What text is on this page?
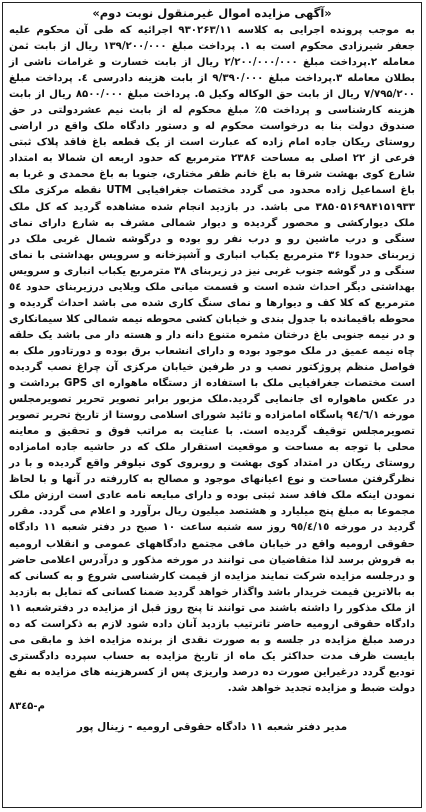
«آگهی مزایده اموال غیرمنقول نوبت دوم»

به موجب پرونده اجرایی به کلاسه ۹۳۰۲۶۳/۱۱ اجرائیه که طی آن محکوم علیه جعفر شیرزادی محکوم است به ۱. پرداخت مبلغ ۱۳۹/۲۰۰/۰۰۰ ریال از بابت ثمن معامله ۲.پرداخت مبلغ ۲/۲۰۰/۰۰۰/۰۰۰ ریال از بابت خسارت و غرامات ناشی از بطلان معامله ۳.پرداخت مبلغ ۹/۳۹۰/۰۰۰ از بابت هزینه دادرسی ٤. پرداخت مبلغ ۷/۷۹۵/۲۰۰ ریال از بابت حق الوکاله وکیل ۵. پرداخت مبلغ ۸۵۰۰/۰۰۰ ریال از بابت هزینه کارشناسی و پرداخت ۵٪ مبلغ محکوم له از بابت نیم عشردولتی در حق صندوق دولت بنا به درخواست محکوم له و دستور دادگاه ملک واقع در اراضی روستای ریکان جاده امام زاده که عبارت است از یک قطعه باغ فاقد پلاک ثبتی فرعی از ۲۲ اصلی به مساحت ۲۳۸۶ مترمربع که حدود اربعه ان شمالا به امتداد شارع کوی بهشت شرقا به باغ خانم ظفر مختاری، جنوبا به باغ محمدی و غربا به باغ اسماعیل زاده محدود می گردد مختصات جغرافیایی UTM نقطه مرکزی ملک ۳۸۵۰۵۱۶۹۸۴۱۵۱۹۳۳ می باشد. در بازدید انجام شده مشاهده گردید که کل ملک ملک دیوارکشی و محصور گردیده و دیوار شمالی مشرف به شارع دارای نمای سنگی و درب ماشین رو و درب نفر رو بوده و درگوشه شمال غربی ملک در زیربنای حدودا ۳۶ مترمربع یکباب انباری و آشپزخانه و سرویس بهداشتی با نمای سنگی و در گوشه جنوب غربی نیز در زیربنای ۳۸ مترمربع یکباب انباری و سرویس بهداشتی دیگر احداث شده است و قسمت میانی ملک ویلایی درزیربنای حدود ٥٤ مترمربع که کلا کف و دیوارها و نمای سنگ کاری شده می باشد احداث گردیده و محوطه باقیمانده با جدول بندی و خیابان کشی محوطه نیمه شمالی کلا سیمانکاری و در نیمه جنوبی باغ درختان مثمره متنوع دانه دار و هسته دار می باشد یک حلقه چاه نیمه عمیق در ملک موجود بوده و دارای انشعاب برق بوده و دورتادور ملک به فواصل منظم پروژکتور نصب و در طرفین خیابان مرکزی آن چراغ نصب گردیده است مختصات جغرافیایی ملک با استفاده از دستگاه ماهواره ای GPS برداشت و در عکس ماهواره ای جانمایی گردید.ملک مزبور برابر تصویر تحریر تصویرمجلس مورخه ۹٤/٦/۱ پاسگاه امامزاده و تائید شورای اسلامی روستا از تاریخ تحریر تصویر تصویرمجلس توقیف گردیده است. با عنایت به مراتب فوق و تحقیق و معاینه محلی با توجه به مساحت و موقعیت استقرار ملک که در حاشیه جاده امامزاده روستای ریکان در امتداد کوی بهشت و روبروی کوی نیلوفر واقع گردیده و با در نظرگرفتن مساحت و نوع اعیانهای موجود و مصالح به کاررفته در آنها و با لحاظ نمودن اینکه ملک فاقد سند ثبتی بوده و دارای مبایعه نامه عادی است ارزش ملک مجموعا به مبلغ پنج میلیارد و هشتصد میلیون ریال برآورد و اعلام می گردد. مقرر گردید در مورخه ۹٥/٤/۱٥ روز سه شنبه ساعت ۱۰ صبح در دفتر شعبه ۱۱ دادگاه حقوقی ارومیه واقع در خیابان مافی مجتمع دادگاههای عمومی و انقلاب ارومیه به فروش برسد لذا متقاضیان می توانند در مورخه مذکور و درآدرس اعلامی حاضر و درجلسه مزایده شرکت نمایند مزایده از قیمت کارشناسی شروع و به کسانی که به بالاترین قیمت خریدار باشد واگذار خواهد گردید ضمنا کسانی که تمایل به بازدید از ملک مذکور را داشته باشند می توانند تا پنج روز قبل از مزایده در دفترشعبه ۱۱ دادگاه حقوقی ارومیه حاضر تاترتیب بازدید آنان داده شود لازم به ذکراست که ده درصد مبلغ مزایده در جلسه و به صورت نقدی از برنده مزایده اخذ و مابقی می بایست ظرف مدت حداکثر یک ماه از تاریخ مزایده به حساب سپرده دادگستری تودیع گردد درغیراین صورت ده درصد واریزی پس از کسرهزینه های مزایده به نفع دولت ضبط و مزایده تجدید خواهد شد.

م-۸۳٤۵
مدیر دفتر شعبه ۱۱ دادگاه حقوقی ارومیه - زینال پور
